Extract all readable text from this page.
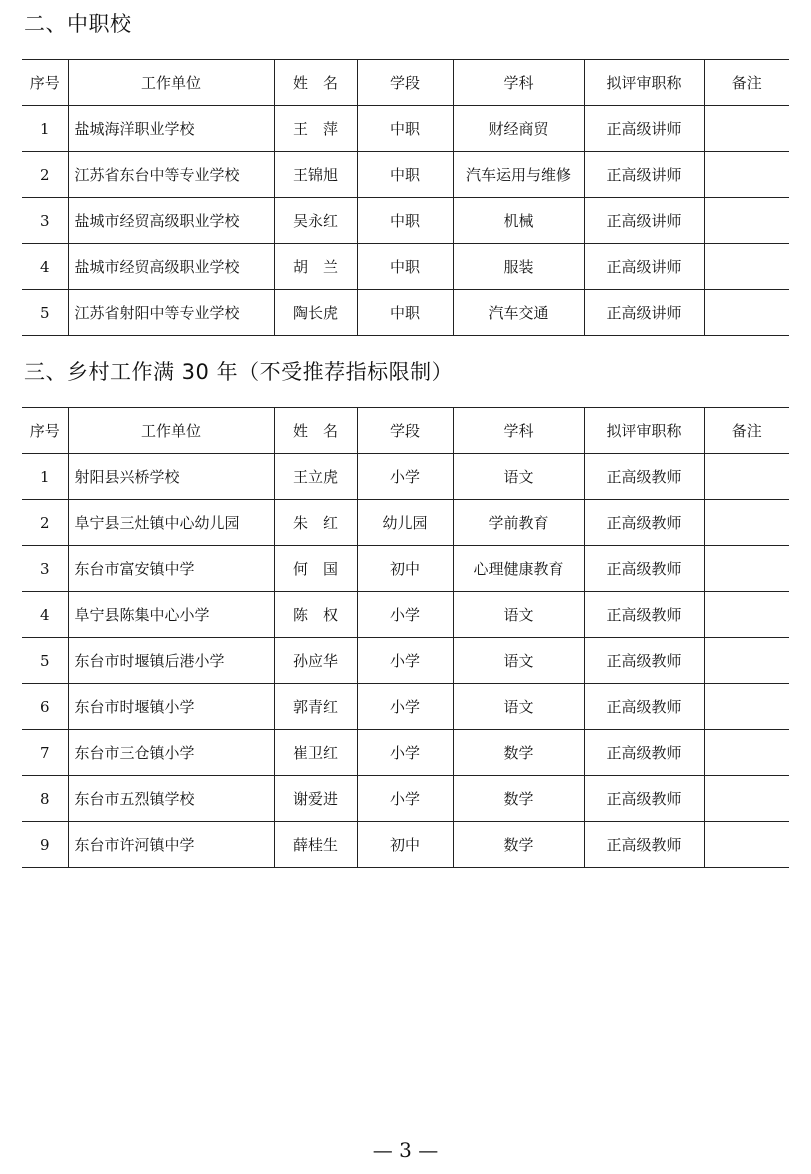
二、中职校
序号	工作单位	姓　名	学段	学科	拟评审职称	备注
1	盐城海洋职业学校	王　萍	中职	财经商贸	正高级讲师	
2	江苏省东台中等专业学校	王锦旭	中职	汽车运用与维修	正高级讲师	
3	盐城市经贸高级职业学校	吴永红	中职	机械	正高级讲师	
4	盐城市经贸高级职业学校	胡　兰	中职	服装	正高级讲师	
5	江苏省射阳中等专业学校	陶长虎	中职	汽车交通	正高级讲师	
三、乡村工作满 30 年（不受推荐指标限制）
序号	工作单位	姓　名	学段	学科	拟评审职称	备注
1	射阳县兴桥学校	王立虎	小学	语文	正高级教师	
2	阜宁县三灶镇中心幼儿园	朱　红	幼儿园	学前教育	正高级教师	
3	东台市富安镇中学	何　国	初中	心理健康教育	正高级教师	
4	阜宁县陈集中心小学	陈　权	小学	语文	正高级教师	
5	东台市时堰镇后港小学	孙应华	小学	语文	正高级教师	
6	东台市时堰镇小学	郭青红	小学	语文	正高级教师	
7	东台市三仓镇小学	崔卫红	小学	数学	正高级教师	
8	东台市五烈镇学校	谢爱进	小学	数学	正高级教师	
9	东台市许河镇中学	薛桂生	初中	数学	正高级教师	
— 3 —
